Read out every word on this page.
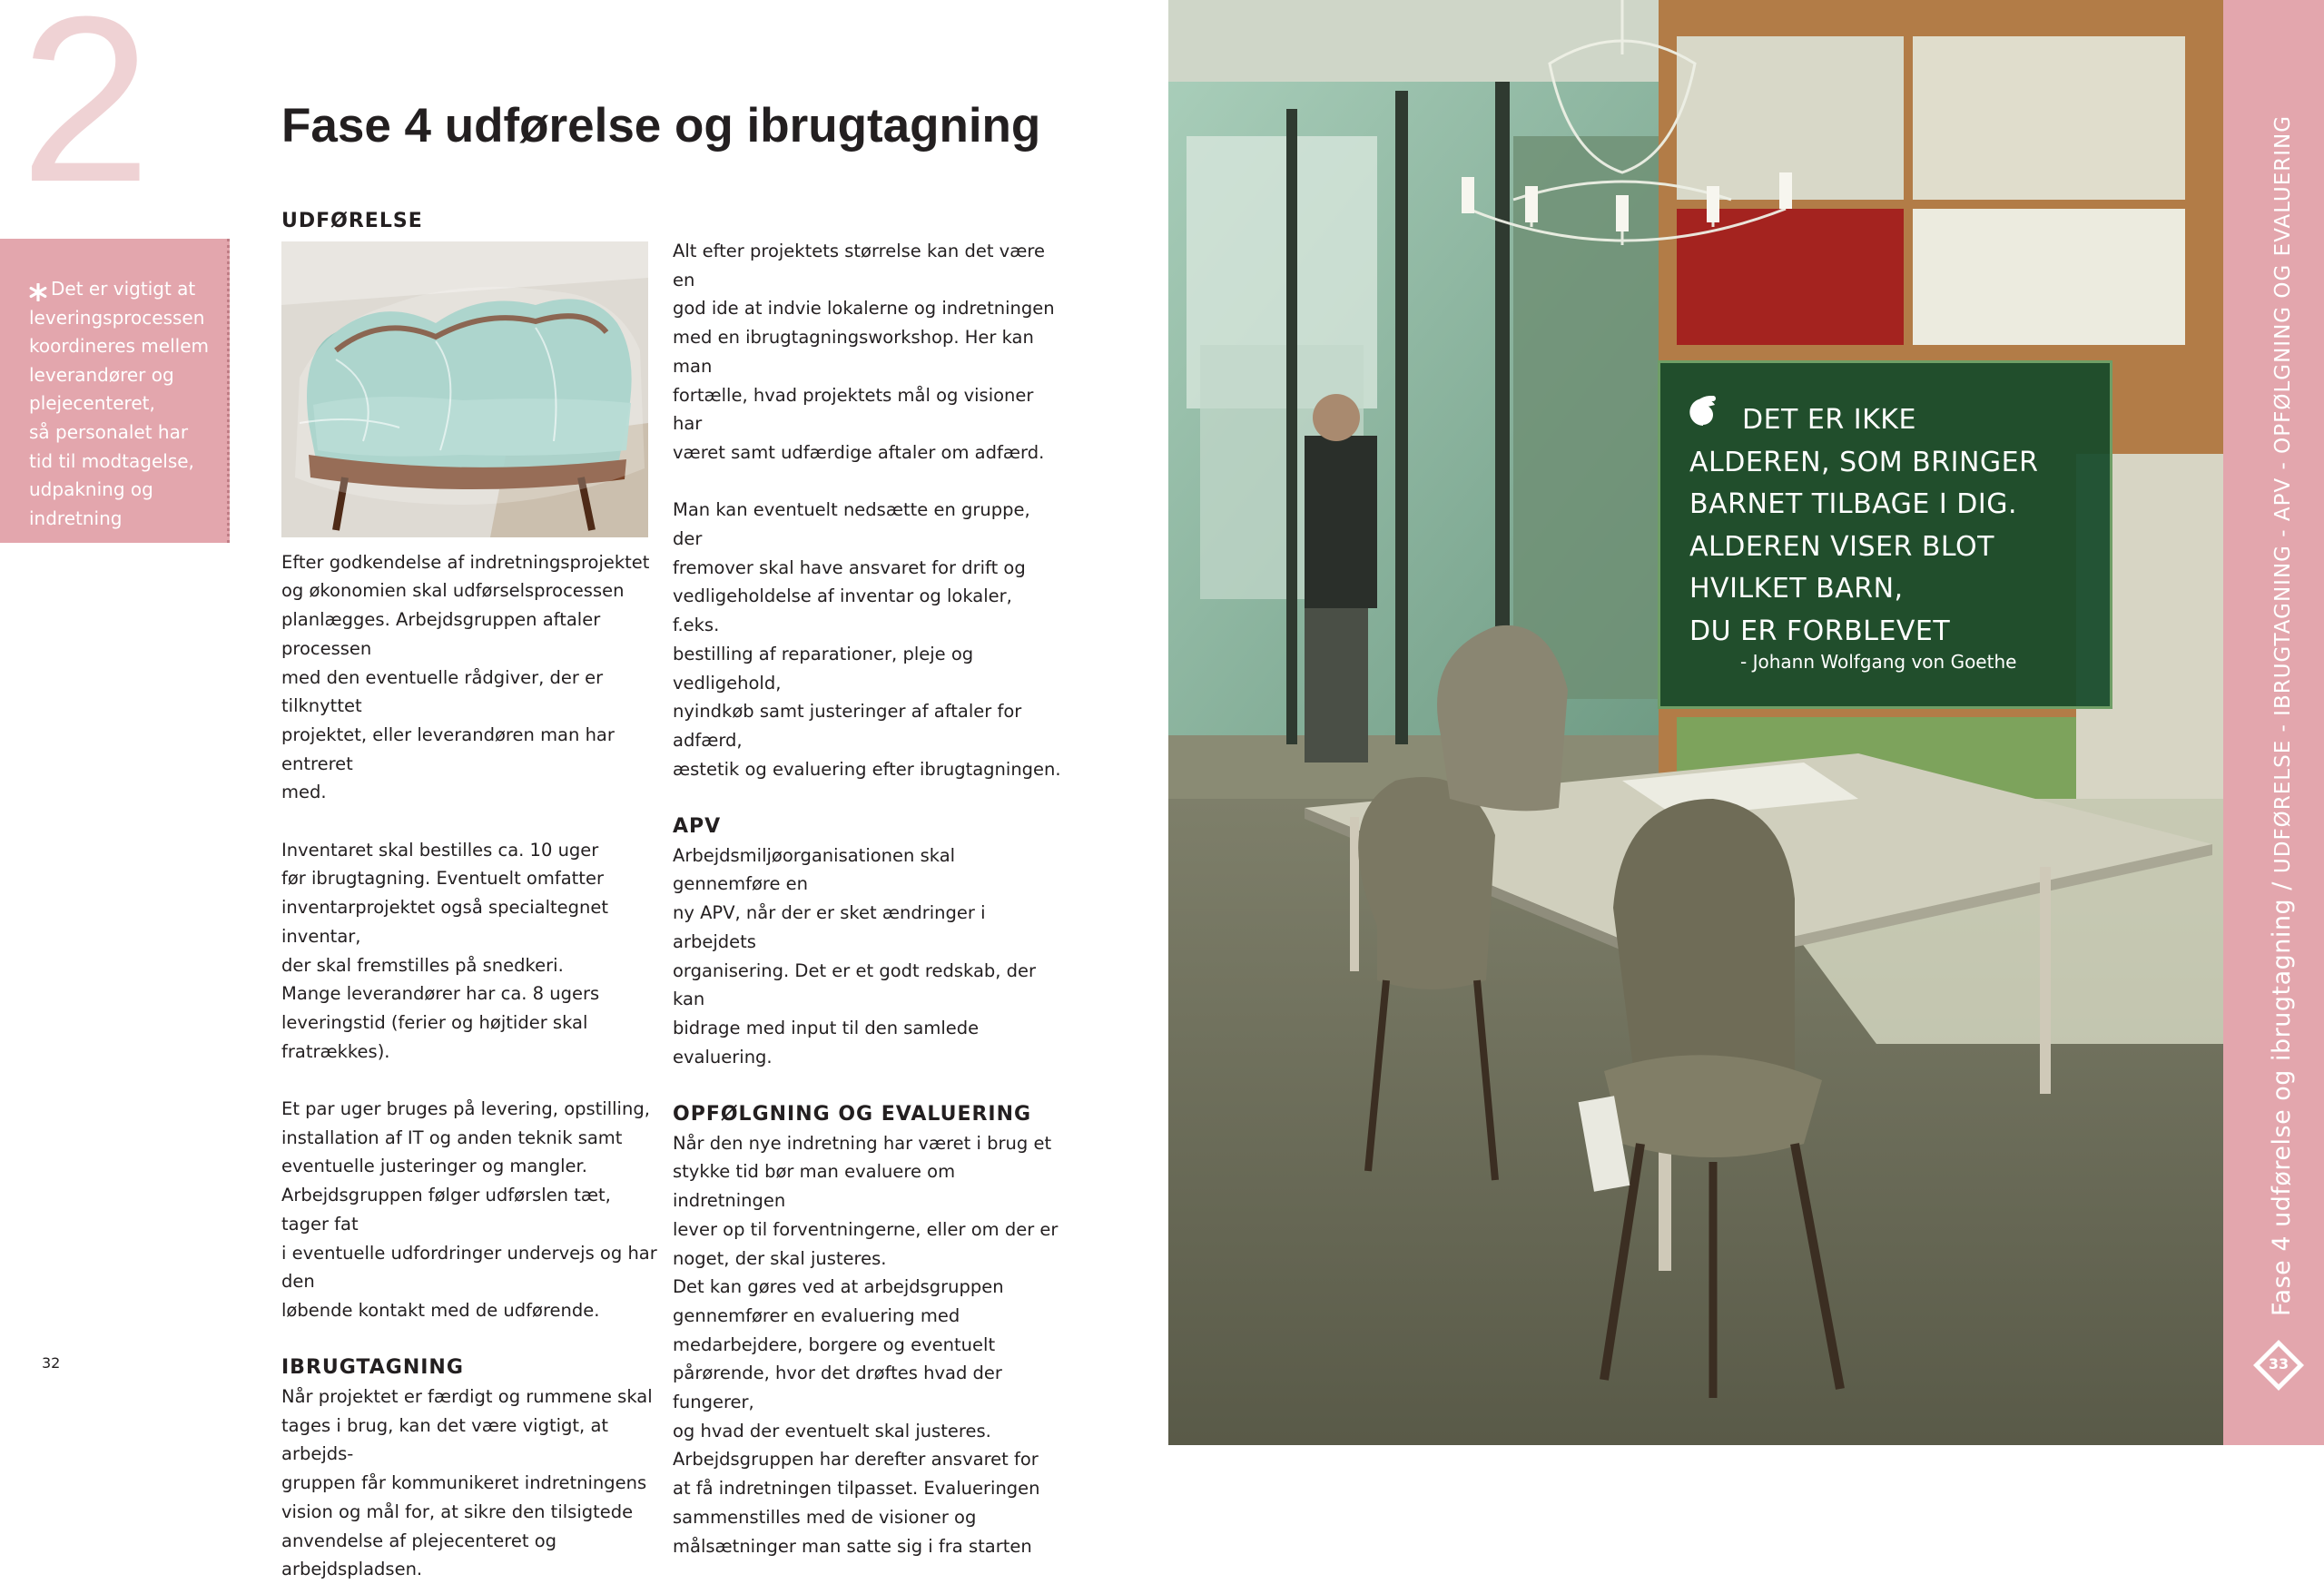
2
Det er vigtigt at
leveringsprocessen
koordineres mellem
leverandører og
plejecenteret,
så personalet har
tid til modtagelse,
udpakning og indretning
Fase 4 udførelse og ibrugtagning
UDFØRELSE

Efter godkendelse af indretningsprojektet
og økonomien skal udførselsprocessen
planlægges. Arbejdsgruppen aftaler processen
med den eventuelle rådgiver, der er tilknyttet
projektet, eller leverandøren man har entreret
med.

Inventaret skal bestilles ca. 10 uger
før ibrugtagning. Eventuelt omfatter
inventarprojektet også specialtegnet inventar,
der skal fremstilles på snedkeri.
Mange leverandører har ca. 8 ugers
leveringstid (ferier og højtider skal fratrækkes).

Et par uger bruges på levering, opstilling,
installation af IT og anden teknik samt
eventuelle justeringer og mangler.
Arbejdsgruppen følger udførslen tæt, tager fat
i eventuelle udfordringer undervejs og har den
løbende kontakt med de udførende.

IBRUGTAGNING

Når projektet er færdigt og rummene skal
tages i brug, kan det være vigtigt, at arbejds-
gruppen får kommunikeret indretningens
vision og mål for, at sikre den tilsigtede
anvendelse af plejecenteret og arbejdspladsen.

Alt efter projektets størrelse kan det være en
god ide at indvie lokalerne og indretningen
med en ibrugtagningsworkshop. Her kan man
fortælle, hvad projektets mål og visioner har
været samt udfærdige aftaler om adfærd.

Man kan eventuelt nedsætte en gruppe, der
fremover skal have ansvaret for drift og
vedligeholdelse af inventar og lokaler, f.eks.
bestilling af reparationer, pleje og vedligehold,
nyindkøb samt justeringer af aftaler for adfærd,
æstetik og evaluering efter ibrugtagningen.

APV

Arbejdsmiljøorganisationen skal gennemføre en
ny APV, når der er sket ændringer i arbejdets
organisering. Det er et godt redskab, der kan
bidrage med input til den samlede evaluering.

OPFØLGNING OG EVALUERING

Når den nye indretning har været i brug et
stykke tid bør man evaluere om indretningen
lever op til forventningerne, eller om der er
noget, der skal justeres.
Det kan gøres ved at arbejdsgruppen
gennemfører en evaluering med
medarbejdere, borgere og eventuelt
pårørende, hvor det drøftes hvad der fungerer,
og hvad der eventuelt skal justeres.
Arbejdsgruppen har derefter ansvaret for
at få indretningen tilpasset. Evalueringen
sammenstilles med de visioner og
målsætninger man satte sig i fra starten

32
DET ER IKKE
ALDEREN, SOM BRINGER
BARNET TILBAGE I DIG.
ALDEREN VISER BLOT
HVILKET BARN,
DU ER FORBLEVET
- Johann Wolfgang von Goethe
Fase 4 udførelse og ibrugtagning / UDFØRELSE - IBRUGTAGNING - APV - OPFØLGNING OG EVALUERING
33
